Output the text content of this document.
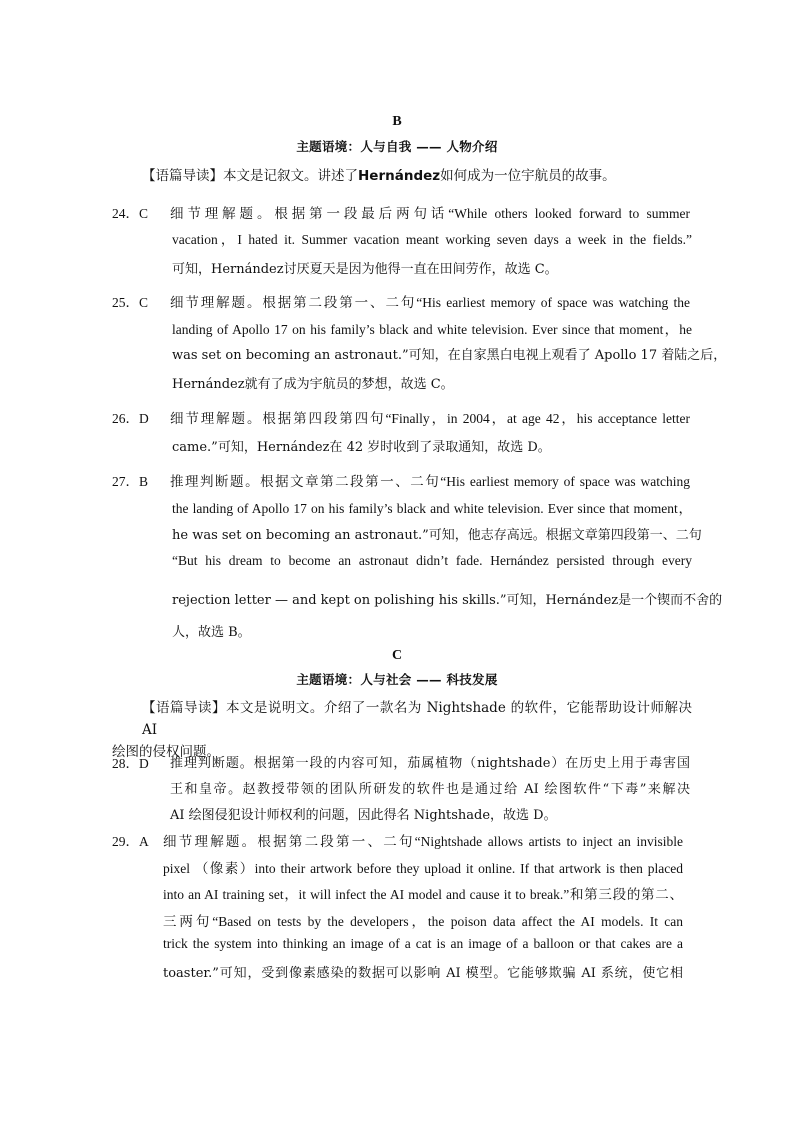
B
主题语境：人与自我 —— 人物介绍
【语篇导读】本文是记叙文。讲述了Hernández如何成为一位宇航员的故事。
24．C 细节理解题。根据第一段最后两句话“While others looked forward to summer
vacation，I hated it. Summer vacation meant working seven days a week in the fields.”
可知，Hernández讨厌夏天是因为他得一直在田间劳作，故选 C。
25．C 细节理解题。根据第二段第一、二句“His earliest memory of space was watching the
landing of Apollo 17 on his family’s black and white television. Ever since that moment，he
was set on becoming an astronaut.”可知，在自家黑白电视上观看了 Apollo 17 着陆之后，
Hernández就有了成为宇航员的梦想，故选 C。
26．D 细节理解题。根据第四段第四句“Finally，in 2004，at age 42，his acceptance letter
came.”可知，Hernández在 42 岁时收到了录取通知，故选 D。
27．B 推理判断题。根据文章第二段第一、二句“His earliest memory of space was watching
the landing of Apollo 17 on his family’s black and white television. Ever since that moment，
he was set on becoming an astronaut.”可知，他志存高远。根据文章第四段第一、二句
“But his dream to become an astronaut didn’t fade. Hernández persisted through every
rejection letter — and kept on polishing his skills.”可知，Hernández是一个锲而不舍的
人，故选 B。
C
主题语境：人与社会 —— 科技发展
【语篇导读】本文是说明文。介绍了一款名为 Nightshade 的软件，它能帮助设计师解决 AI
绘图的侵权问题。
28．D 推理判断题。根据第一段的内容可知，茄属植物（nightshade）在历史上用于毒害国
王和皇帝。赵教授带领的团队所研发的软件也是通过给 AI 绘图软件“下毒”来解决
AI 绘图侵犯设计师权利的问题，因此得名 Nightshade，故选 D。
29．A 细节理解题。根据第二段第一、二句“Nightshade allows artists to inject an invisible
pixel （像素）into their artwork before they upload it online. If that artwork is then placed
into an AI training set，it will infect the AI model and cause it to break.”和第三段的第二、
三两句“Based on tests by the developers，the poison data affect the AI models. It can
trick the system into thinking an image of a cat is an image of a balloon or that cakes are a
toaster.”可知，受到像素感染的数据可以影响 AI 模型。它能够欺骗 AI 系统，使它相
